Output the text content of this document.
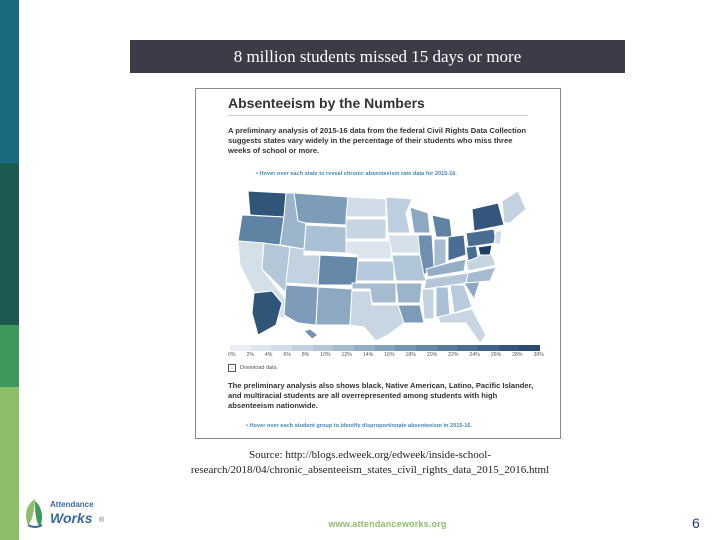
8 million students missed 15 days or more
Absenteeism by the Numbers
A preliminary analysis of 2015-16 data from the federal Civil Rights Data Collection suggests states vary widely in the percentage of their students who miss three weeks of school or more.
• Hover over each state to reveal chronic absenteeism rate data for 2015-16.
0% 2% 4% 6% 8% 10% 12% 14% 16% 18% 20% 22% 24% 26% 28% 30%
↓	Download data
The preliminary analysis also shows black, Native American, Latino, Pacific Islander, and multiracial students are all overrepresented among students with high absenteeism nationwide.
• Hover over each student group to identify disproportionate absenteeism in 2015-16.
Source: http://blogs.edweek.org/edweek/inside-school-
research/2018/04/chronic_absenteeism_states_civil_rights_data_2015_2016.html
Attendance
Works ®	www.attendanceworks.org	6
